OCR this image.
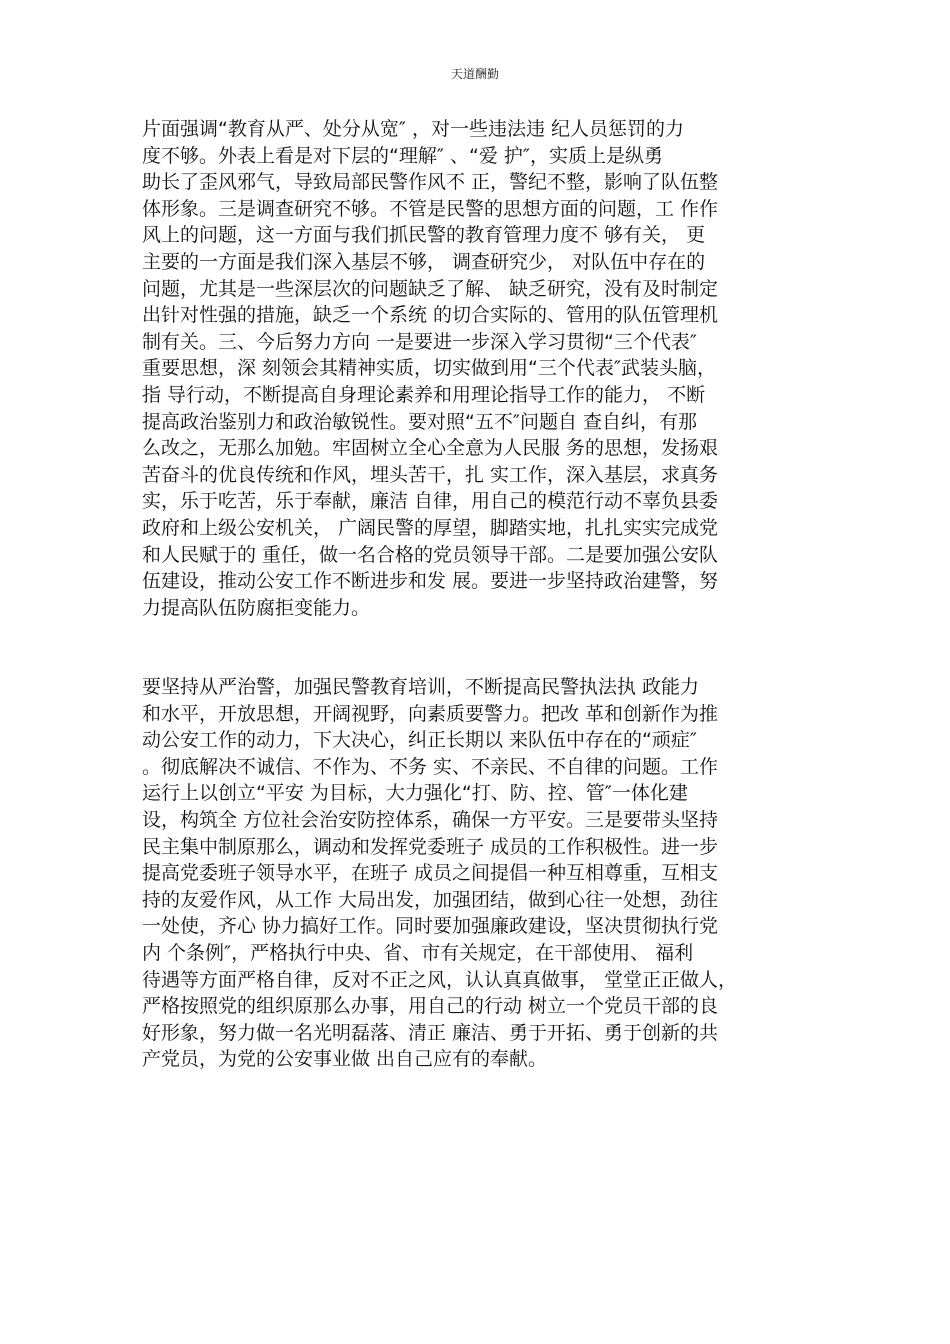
天道酬勤
片面强调“教育从严、处分从宽″ ，对一些违法违 纪人员惩罚的力
度不够。外表上看是对下层的“理解″ 、“爱 护″，实质上是纵勇
助长了歪风邪气，导致局部民警作风不 正，警纪不整，影响了队伍整
体形象。三是调查研究不够。不管是民警的思想方面的问题，工 作作
风上的问题，这一方面与我们抓民警的教育管理力度不 够有关， 更
主要的一方面是我们深入基层不够， 调查研究少， 对队伍中存在的
问题，尤其是一些深层次的问题缺乏了解、 缺乏研究，没有及时制定
出针对性强的措施，缺乏一个系统 的切合实际的、管用的队伍管理机
制有关。三、今后努力方向 一是要进一步深入学习贯彻“三个代表″
重要思想，深 刻领会其精神实质，切实做到用“三个代表″武装头脑，
指 导行动，不断提高自身理论素养和用理论指导工作的能力， 不断
提高政治鉴别力和政治敏锐性。要对照“五不″问题自 查自纠，有那
么改之，无那么加勉。牢固树立全心全意为人民服 务的思想，发扬艰
苦奋斗的优良传统和作风，埋头苦干，扎 实工作，深入基层，求真务
实，乐于吃苦，乐于奉献，廉洁 自律，用自己的模范行动不辜负县委
政府和上级公安机关， 广阔民警的厚望，脚踏实地，扎扎实实完成党
和人民赋于的 重任，做一名合格的党员领导干部。二是要加强公安队
伍建设，推动公安工作不断进步和发 展。要进一步坚持政治建警，努
力提高队伍防腐拒变能力。
要坚持从严治警，加强民警教育培训，不断提高民警执法执 政能力
和水平，开放思想，开阔视野，向素质要警力。把改 革和创新作为推
动公安工作的动力，下大决心，纠正长期以 来队伍中存在的“顽症″
。彻底解决不诚信、不作为、不务 实、不亲民、不自律的问题。工作
运行上以创立“平安 为目标，大力强化“打、防、控、管″一体化建
设，构筑全 方位社会治安防控体系，确保一方平安。三是要带头坚持
民主集中制原那么，调动和发挥党委班子 成员的工作积极性。进一步
提高党委班子领导水平，在班子 成员之间提倡一种互相尊重，互相支
持的友爱作风，从工作 大局出发，加强团结，做到心往一处想，劲往
一处使，齐心 协力搞好工作。同时要加强廉政建设，坚决贯彻执行党
内 个条例″，严格执行中央、省、市有关规定，在干部使用、 福利
待遇等方面严格自律，反对不正之风，认认真真做事， 堂堂正正做人，
严格按照党的组织原那么办事，用自己的行动 树立一个党员干部的良
好形象，努力做一名光明磊落、清正 廉洁、勇于开拓、勇于创新的共
产党员，为党的公安事业做 出自己应有的奉献。
